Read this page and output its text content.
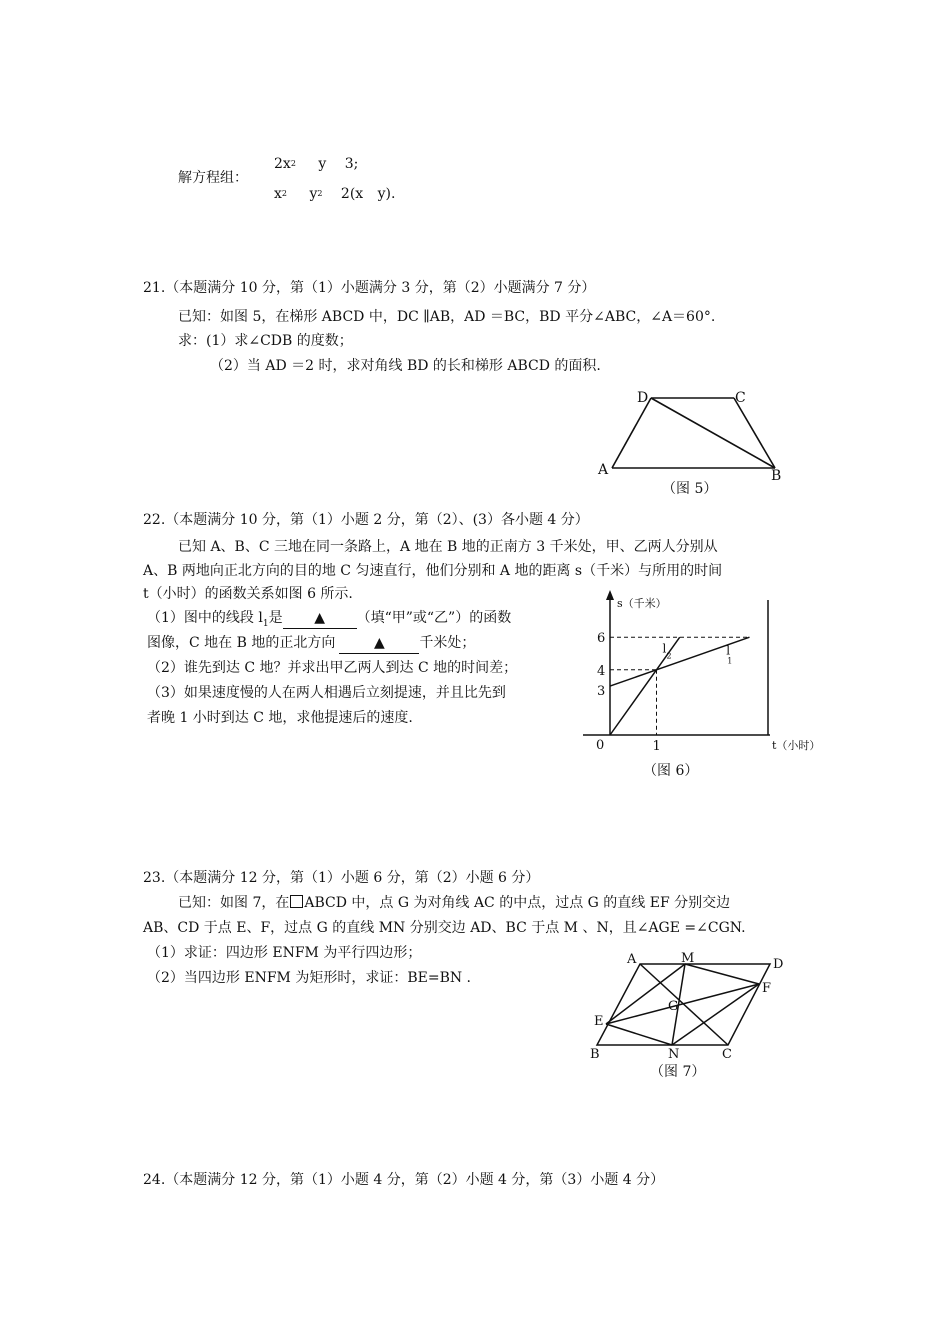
解方程组：
2x2 y 3;
x2 y2 2(x y).
21.（本题满分 10 分，第（1）小题满分 3 分，第（2）小题满分 7 分）
已知：如图 5，在梯形 ABCD 中，DC ∥AB，AD ＝BC，BD 平分∠ABC，∠A＝60°.
求：(1）求∠CDB 的度数；
（2）当 AD ＝2 时，求对角线 BD 的长和梯形 ABCD 的面积.
D	C
A	B
（图 5）
22.（本题满分 10 分，第（1）小题 2 分，第（2）、(3）各小题 4 分）
已知 A、B、C 三地在同一条路上，A 地在 B 地的正南方 3 千米处，甲、乙两人分别从
A、B 两地向正北方向的目的地 C 匀速直行，他们分别和 A 地的距离 s（千米）与所用的时间
t（小时）的函数关系如图 6 所示.
（1）图中的线段 $l_1$是 ▲ （填“甲”或“乙”）的函数
图像，C 地在 B 地的正北方向	▲ 千米处；
（2）谁先到达 C 地？并求出甲乙两人到达 C 地的时间差；
（3）如果速度慢的人在两人相遇后立刻提速，并且比先到
者晚 1 小时到达 C 地，求他提速后的速度.
s（千米）
t（小时）
0
6
4
3
1
l
2	l
1
（图 6）
23.（本题满分 12 分，第（1）小题 6 分，第（2）小题 6 分）
已知：如图 7，在 ABCD 中，点 G 为对角线 AC 的中点，过点 G 的直线 EF 分别交边
AB、CD 于点 E、F，过点 G 的直线 MN 分别交边 AD、BC 于点 M 、N，且∠AGE =∠CGN.
（1）求证：四边形 ENFM 为平行四边形；
（2）当四边形 ENFM 为矩形时，求证：BE=BN .
A	M	D
F
G
E
B	N	C
（图 7）
24.（本题满分 12 分，第（1）小题 4 分，第（2）小题 4 分，第（3）小题 4 分）
